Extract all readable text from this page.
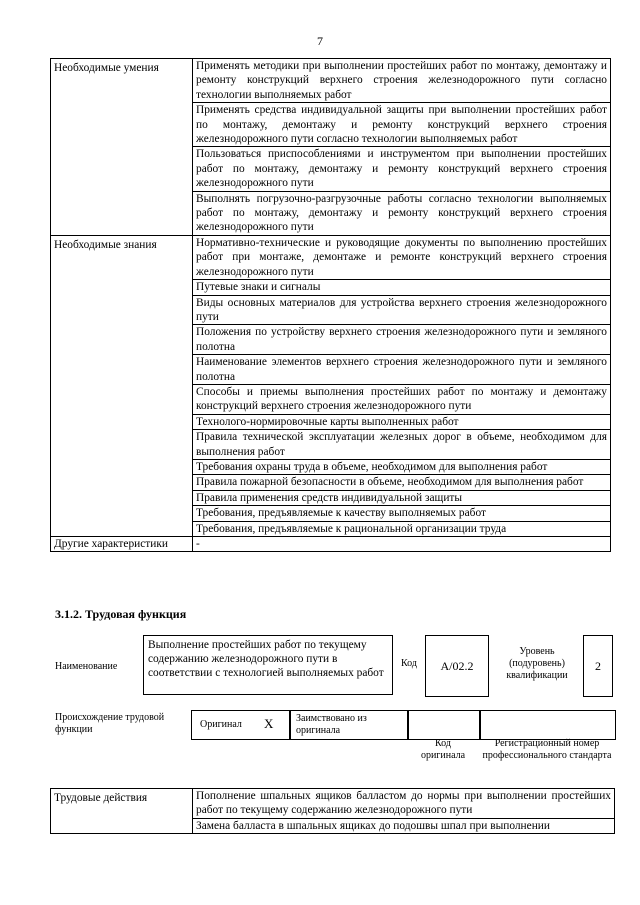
7
Необходимые умения	Применять методики при выполнении простейших работ по монтажу, демонтажу и ремонту конструкций верхнего строения железнодорожного пути согласно технологии выполняемых работ
	Применять средства индивидуальной защиты при выполнении простейших работ по монтажу, демонтажу и ремонту конструкций верхнего строения железнодорожного пути согласно технологии выполняемых работ
	Пользоваться приспособлениями и инструментом при выполнении простейших работ по монтажу, демонтажу и ремонту конструкций верхнего строения железнодорожного пути
	Выполнять погрузочно-разгрузочные работы согласно технологии выполняемых работ по монтажу, демонтажу и ремонту конструкций верхнего строения железнодорожного пути
Необходимые знания	Нормативно-технические и руководящие документы по выполнению простейших работ при монтаже, демонтаже и ремонте конструкций верхнего строения железнодорожного пути
	Путевые знаки и сигналы
	Виды основных материалов для устройства верхнего строения железнодорожного пути
	Положения по устройству верхнего строения железнодорожного пути и земляного полотна
	Наименование элементов верхнего строения железнодорожного пути и земляного полотна
	Способы и приемы выполнения простейших работ по монтажу и демонтажу конструкций верхнего строения железнодорожного пути
	Технолого-нормировочные карты выполненных работ
	Правила технической эксплуатации железных дорог в объеме, необходимом для выполнения работ
	Требования охраны труда в объеме, необходимом для выполнения работ
	Правила пожарной безопасности в объеме, необходимом для выполнения работ
	Правила применения средств индивидуальной защиты
	Требования, предъявляемые к качеству выполняемых работ
	Требования, предъявляемые к рациональной организации труда
Другие характеристики	-
3.1.2. Трудовая функция
Наименование
Выполнение простейших работ по текущему содержанию железнодорожного пути в соответствии с технологией выполняемых работ
Код А/02.2
Уровень (подуровень) квалификации
2
Происхождение трудовой функции	Оригинал X Заимствовано из оригинала
Код оригинала
Регистрационный номер профессионального стандарта
Трудовые действия	Пополнение шпальных ящиков балластом до нормы при выполнении простейших работ по текущему содержанию железнодорожного пути
Замена балласта в шпальных ящиках до подошвы шпал при выполнении
